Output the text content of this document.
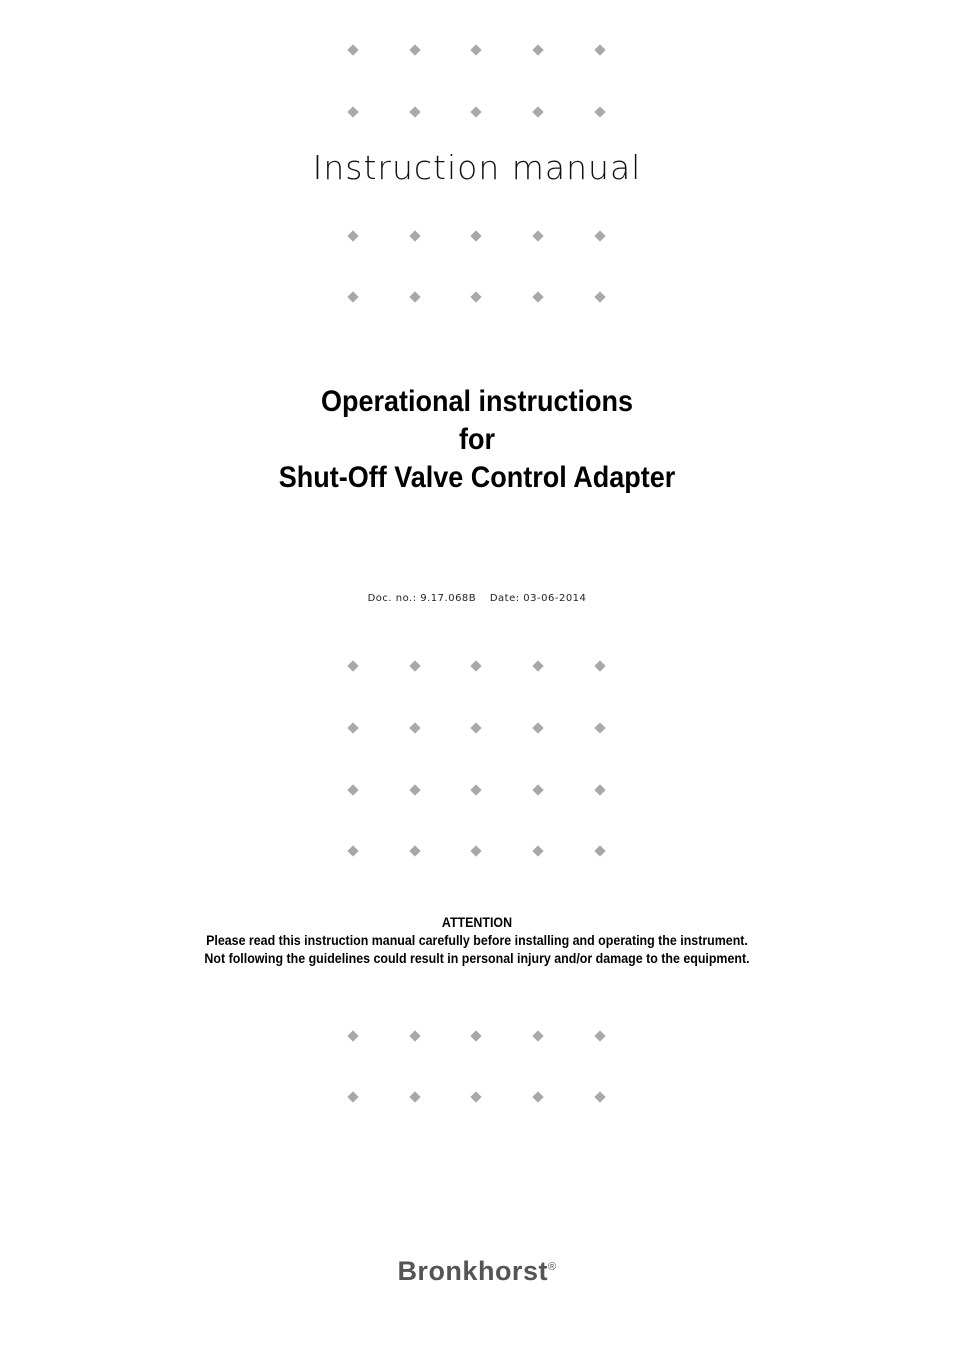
Instruction manual
Operational instructions
for
Shut-Off Valve Control Adapter
Doc. no.: 9.17.068B Date: 03-06-2014
ATTENTION
Please read this instruction manual carefully before installing and operating the instrument.
Not following the guidelines could result in personal injury and/or damage to the equipment.
Bronkhorst®
